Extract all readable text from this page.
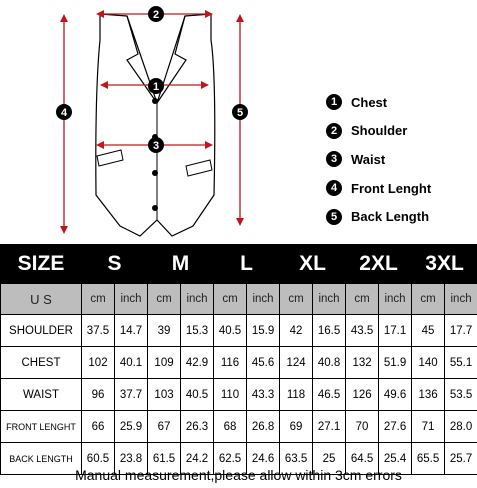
2
1
3
4	5
1	Chest
2	Shoulder
3	Waist
4	Front Lenght
5	Back Length
SIZE	S		M		L		XL		2XL		3XL	
U S	cm	inch	cm	inch	cm	inch	cm	inch	cm	inch	cm	inch
SHOULDER	37.5	14.7	39	15.3	40.5	15.9	42	16.5	43.5	17.1	45	17.7
CHEST	102	40.1	109	42.9	116	45.6	124	40.8	132	51.9	140	55.1
WAIST	96	37.7	103	40.5	110	43.3	118	46.5	126	49.6	136	53.5
FRONT LENGHT	66	25.9	67	26.3	68	26.8	69	27.1	70	27.6	71	28.0
BACK LENGTH	60.5	23.8	61.5	24.2	62.5	24.6	63.5	25	64.5	25.4	65.5	25.7
Manual measurement,please allow within 3cm errors
